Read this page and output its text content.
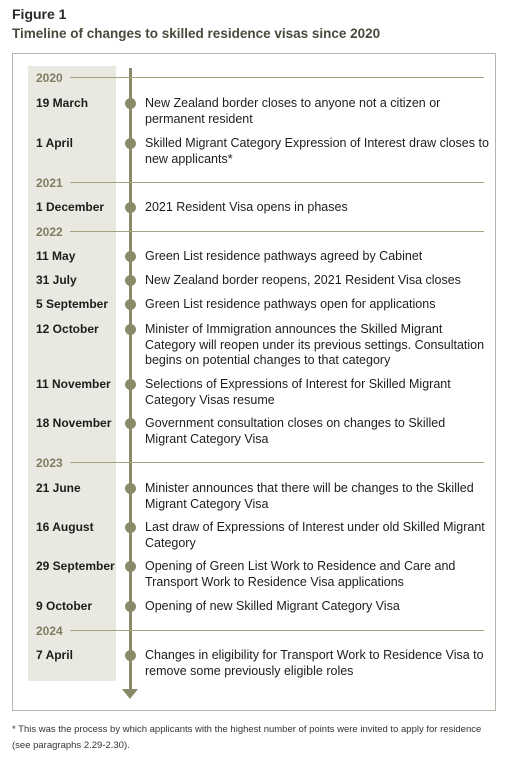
Figure 1
Timeline of changes to skilled residence visas since 2020
2020
19 March	New Zealand border closes to anyone not a citizen or permanent resident
1 April	Skilled Migrant Category Expression of Interest draw closes to new applicants*
2021
1 December	2021 Resident Visa opens in phases
2022
11 May	Green List residence pathways agreed by Cabinet
31 July	New Zealand border reopens, 2021 Resident Visa closes
5 September	Green List residence pathways open for applications
12 October	Minister of Immigration announces the Skilled Migrant Category will reopen under its previous settings. Consultation begins on potential changes to that category
11 November	Selections of Expressions of Interest for Skilled Migrant Category Visas resume
18 November	Government consultation closes on changes to Skilled Migrant Category Visa
2023
21 June	Minister announces that there will be changes to the Skilled Migrant Category Visa
16 August	Last draw of Expressions of Interest under old Skilled Migrant Category
29 September Opening of Green List Work to Residence and Care and Transport Work to Residence Visa applications
9 October	Opening of new Skilled Migrant Category Visa
2024
7 April	Changes in eligibility for Transport Work to Residence Visa to remove some previously eligible roles
* This was the process by which applicants with the highest number of points were invited to apply for residence (see paragraphs 2.29-2.30).
